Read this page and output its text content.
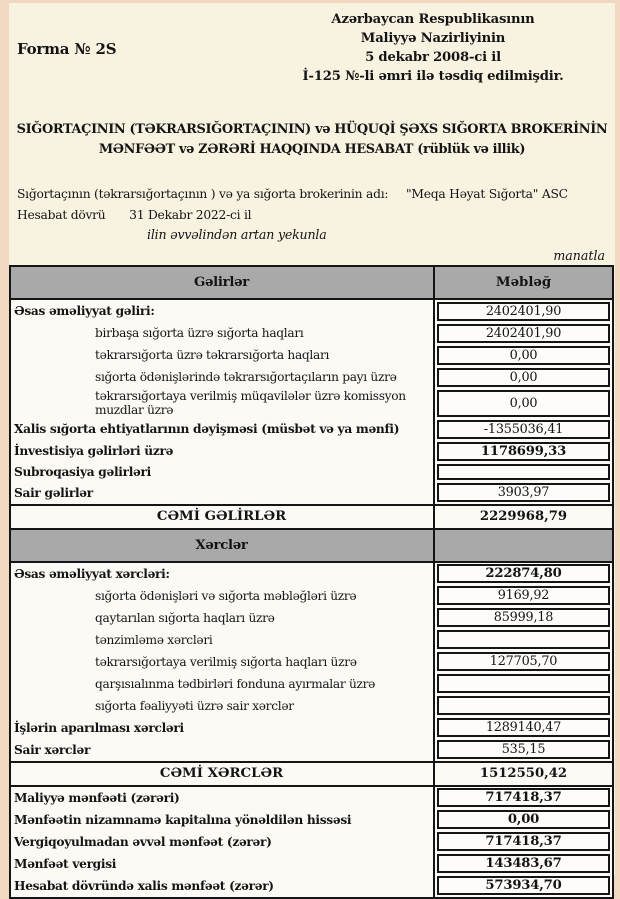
Forma № 2S
Azərbaycan Respublikasının
Maliyyə Nazirliyinin
5 dekabr 2008-ci il
İ-125 №-li əmri ilə təsdiq edilmişdir.
SIĞORTAÇININ (TƏKRARSIĞORTAÇININ) və HÜQUQİ ŞƏXS SIĞORTA BROKERİNİN
MƏNFƏƏT və ZƏRƏRİ HAQQINDA HESABAT (rüblük və illik)
Sığortaçının (təkrarsığortaçının ) və ya sığorta brokerinin adı: "Meqa Həyat Sığorta" ASC
Hesabat dövrü 31 Dekabr 2022-ci il
ilin əvvəlindən artan yekunla
manatla
Gəlirlər	Məbləğ
Əsas əməliyyat gəliri:	2402401,90
birbaşa sığorta üzrə sığorta haqları	2402401,90
təkrarsığorta üzrə təkrarsığorta haqları	0,00
sığorta ödənişlərində təkrarsığortaçıların payı üzrə	0,00
təkrarsığortaya verilmiş müqavilələr üzrə komissyon muzdlar üzrə	0,00
Xalis sığorta ehtiyatlarının dəyişməsi (müsbət və ya mənfi)	-1355036,41
İnvestisiya gəlirləri üzrə	1178699,33
Subroqasiya gəlirləri
Sair gəlirlər	3903,97
CƏMİ GƏLİRLƏR	2229968,79
Xərclər
Əsas əməliyyat xərcləri:	222874,80
sığorta ödənişləri və sığorta məbləğləri üzrə	9169,92
qaytarılan sığorta haqları üzrə	85999,18
tənzimləmə xərcləri
təkrarsığortaya verilmiş sığorta haqları üzrə	127705,70
qarşısıalınma tədbirləri fonduna ayırmalar üzrə
sığorta fəaliyyəti üzrə sair xərclər
İşlərin aparılması xərcləri	1289140,47
Sair xərclər	535,15
CƏMİ XƏRCLƏR	1512550,42
Maliyyə mənfəəti (zərəri)	717418,37
Mənfəətin nizamnamə kapitalına yönəldilən hissəsi	0,00
Vergiqoyulmadan əvvəl mənfəət (zərər)	717418,37
Mənfəət vergisi	143483,67
Hesabat dövründə xalis mənfəət (zərər)	573934,70
